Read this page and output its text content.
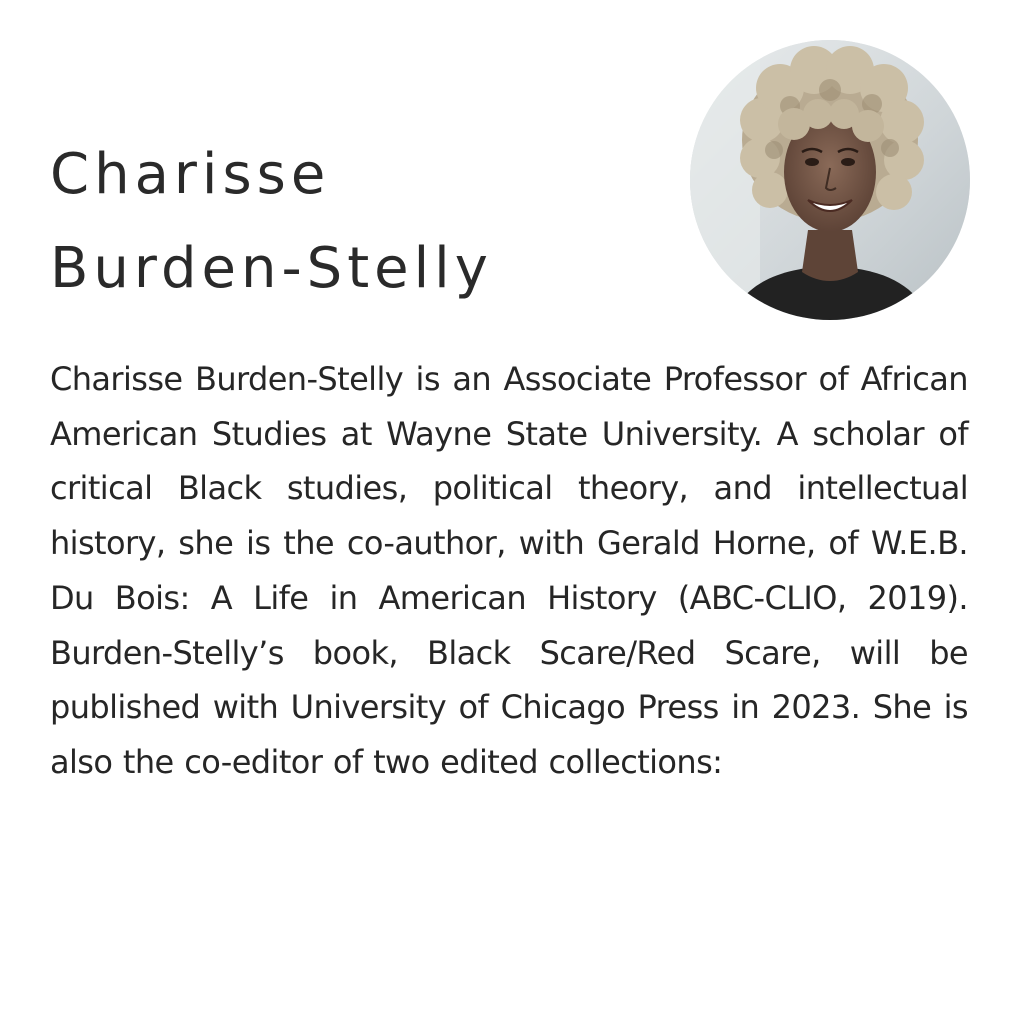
Charisse
Burden-Stelly

Charisse Burden-Stelly is an Associate Professor of African American Studies at Wayne State University. A scholar of critical Black studies, political theory, and intellectual history, she is the co-author, with Gerald Horne, of W.E.B. Du Bois: A Life in American History (ABC-CLIO, 2019). Burden-Stelly’s book, Black Scare/Red Scare, will be published with University of Chicago Press in 2023. She is also the co-editor of two edited collections:
